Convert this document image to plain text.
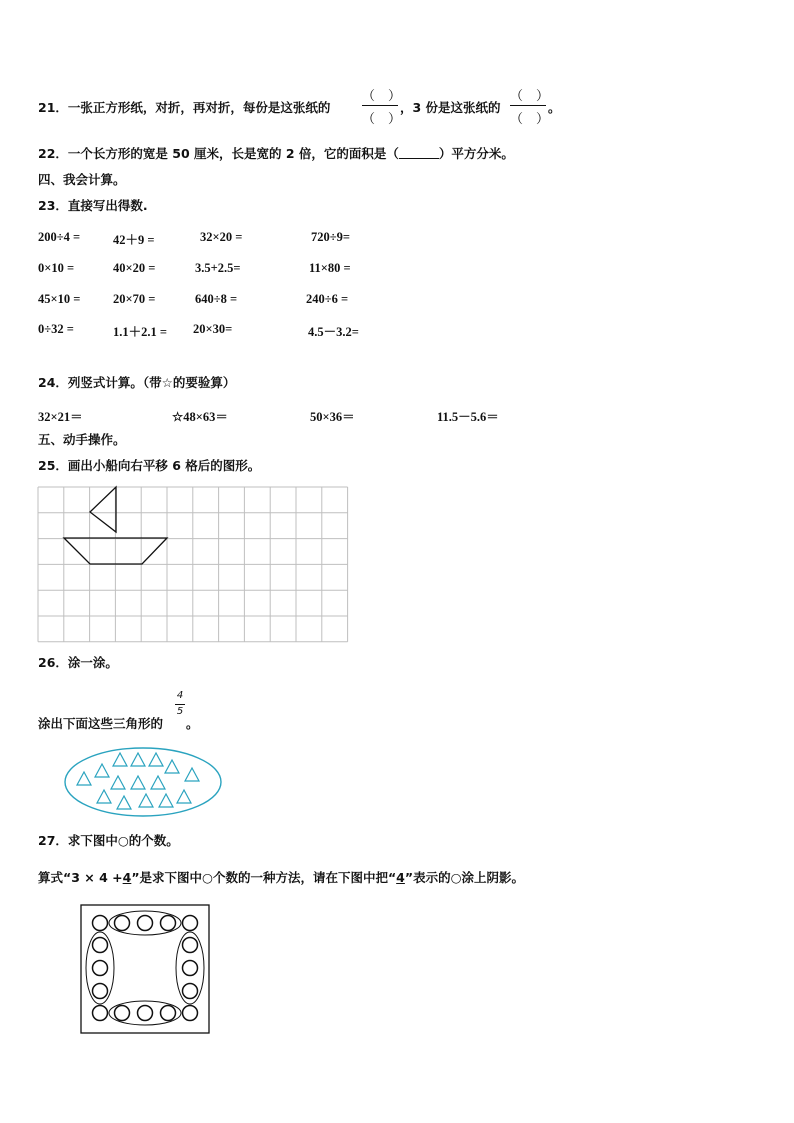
21．一张正方形纸，对折，再对折，每份是这张纸的
（　）
（　）
，3 份是这张纸的
（　）
（　）
。
22．一个长方形的宽是 50 厘米，长是宽的 2 倍，它的面积是（	）平方分米。
四、我会计算。
23．直接写出得数.
200÷4 =	42＋9 =	32×20 =	720÷9=
0×10 =	40×20 =	3.5+2.5=	11×80 =
45×10 =	20×70 =	640÷8 =	240÷6 =
0÷32 =	1.1＋2.1 = 20×30=	4.5－3.2=
24．列竖式计算。（带☆的要验算）
32×21＝	☆48×63＝	50×36＝	11.5－5.6＝
五、动手操作。
25．画出小船向右平移 6 格后的图形。
26．涂一涂。
涂出下面这些三角形的
4
5
。
27．求下图中○的个数。
算式“3 × 4 +4”是求下图中○个数的一种方法，请在下图中把“4”表示的○涂上阴影。
